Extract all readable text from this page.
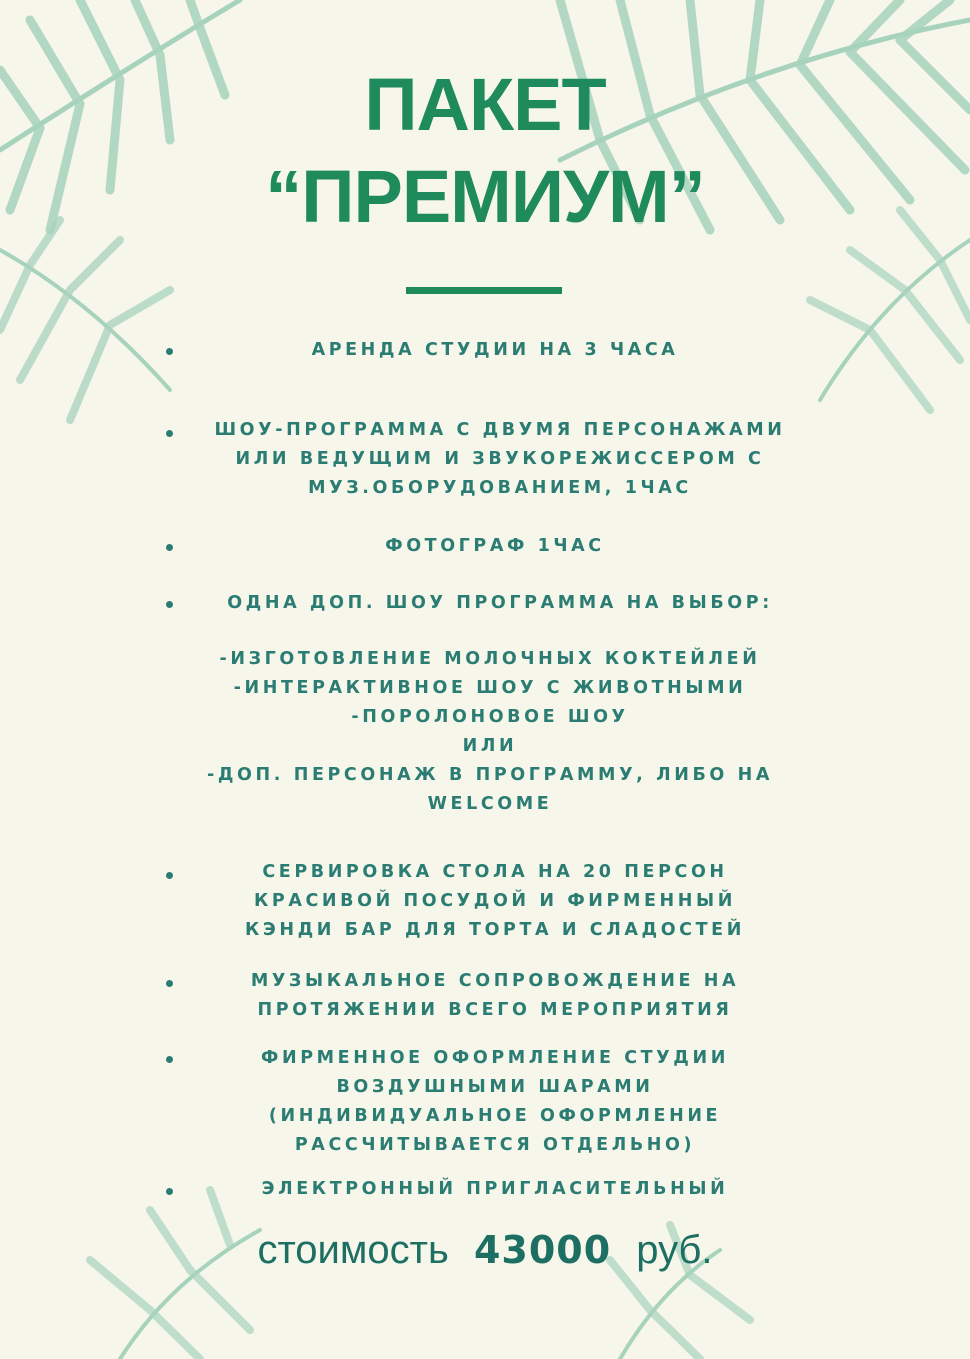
ПАКЕТ
“ПРЕМИУМ”
АРЕНДА СТУДИИ НА 3 ЧАСА
ШОУ-ПРОГРАММА С ДВУМЯ ПЕРСОНАЖАМИ
ИЛИ ВЕДУЩИМ И ЗВУКОРЕЖИССЕРОМ С
МУЗ.ОБОРУДОВАНИЕМ, 1ЧАС
ФОТОГРАФ 1ЧАС
ОДНА ДОП. ШОУ ПРОГРАММА НА ВЫБОР:
-ИЗГОТОВЛЕНИЕ МОЛОЧНЫХ КОКТЕЙЛЕЙ
-ИНТЕРАКТИВНОЕ ШОУ С ЖИВОТНЫМИ
-ПОРОЛОНОВОЕ ШОУ
ИЛИ
-ДОП. ПЕРСОНАЖ В ПРОГРАММУ, ЛИБО НА
WELCOME
СЕРВИРОВКА СТОЛА НА 20 ПЕРСОН
КРАСИВОЙ ПОСУДОЙ И ФИРМЕННЫЙ
КЭНДИ БАР ДЛЯ ТОРТА И СЛАДОСТЕЙ
МУЗЫКАЛЬНОЕ СОПРОВОЖДЕНИЕ НА
ПРОТЯЖЕНИИ ВСЕГО МЕРОПРИЯТИЯ
ФИРМЕННОЕ ОФОРМЛЕНИЕ СТУДИИ
ВОЗДУШНЫМИ ШАРАМИ
(ИНДИВИДУАЛЬНОЕ ОФОРМЛЕНИЕ
РАССЧИТЫВАЕТСЯ ОТДЕЛЬНО)
ЭЛЕКТРОННЫЙ ПРИГЛАСИТЕЛЬНЫЙ
стоимость 43000 руб.
